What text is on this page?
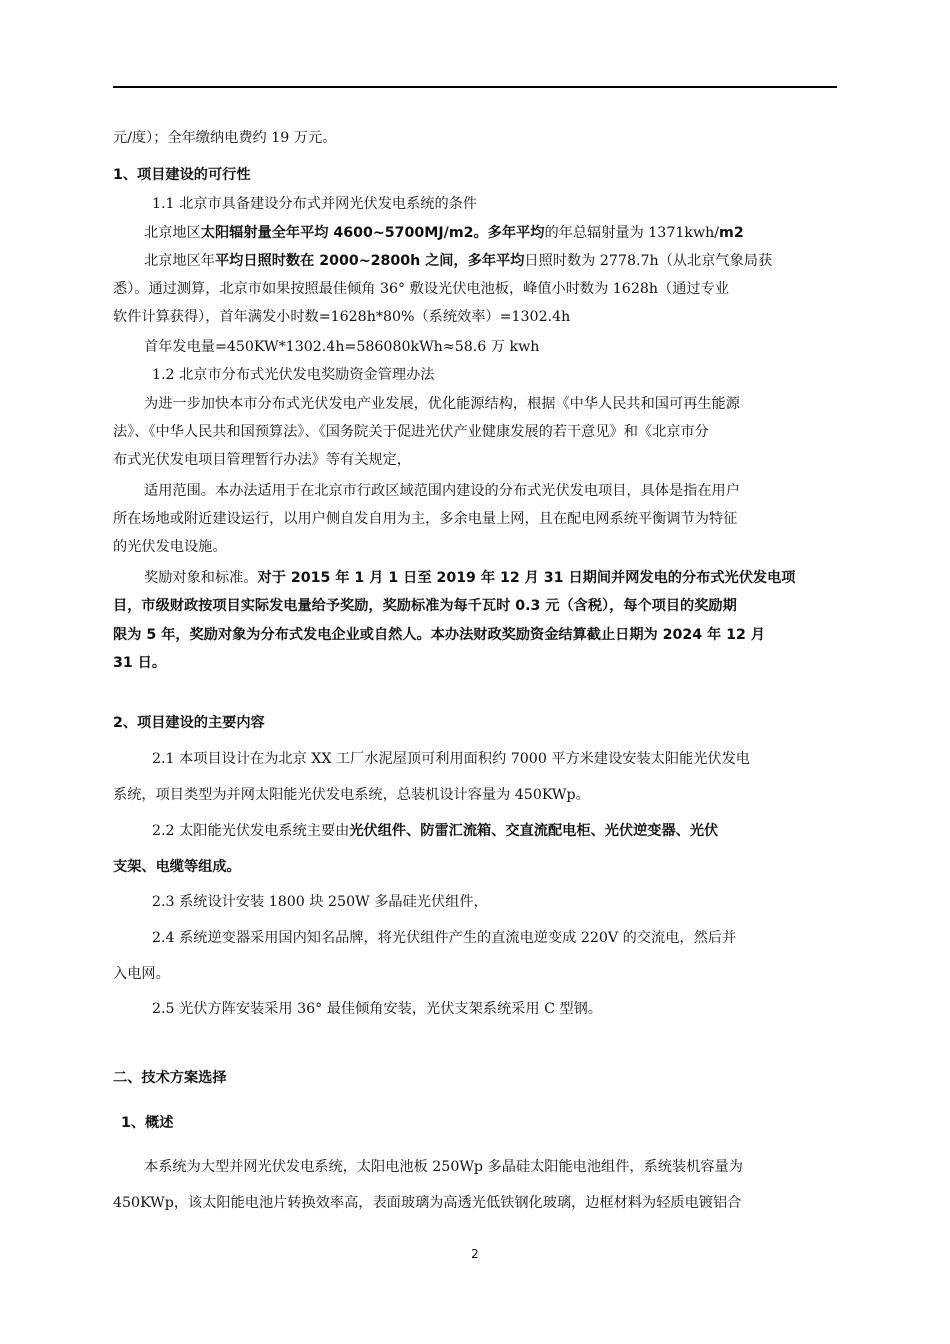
元/度）；全年缴纳电费约 19 万元。
1、项目建设的可行性
1.1 北京市具备建设分布式并网光伏发电系统的条件
北京地区太阳辐射量全年平均 4600~5700MJ/m2。多年平均的年总辐射量为 1371kwh/m2
北京地区年平均日照时数在 2000~2800h 之间，多年平均日照时数为 2778.7h（从北京气象局获
悉）。通过测算，北京市如果按照最佳倾角 36° 敷设光伏电池板，峰值小时数为 1628h（通过专业
软件计算获得），首年满发小时数=1628h*80%（系统效率）=1302.4h
首年发电量=450KW*1302.4h=586080kWh≈58.6 万 kwh
1.2 北京市分布式光伏发电奖励资金管理办法
为进一步加快本市分布式光伏发电产业发展，优化能源结构，根据《中华人民共和国可再生能源
法》、《中华人民共和国预算法》、《国务院关于促进光伏产业健康发展的若干意见》和《北京市分
布式光伏发电项目管理暂行办法》等有关规定，
适用范围。本办法适用于在北京市行政区域范围内建设的分布式光伏发电项目，具体是指在用户
所在场地或附近建设运行，以用户侧自发自用为主，多余电量上网，且在配电网系统平衡调节为特征
的光伏发电设施。
奖励对象和标准。对于 2015 年 1 月 1 日至 2019 年 12 月 31 日期间并网发电的分布式光伏发电项
目，市级财政按项目实际发电量给予奖励，奖励标准为每千瓦时 0.3 元（含税），每个项目的奖励期
限为 5 年，奖励对象为分布式发电企业或自然人。本办法财政奖励资金结算截止日期为 2024 年 12 月
31 日。
2、项目建设的主要内容
2.1 本项目设计在为北京 XX 工厂水泥屋顶可利用面积约 7000 平方米建设安装太阳能光伏发电
系统，项目类型为并网太阳能光伏发电系统，总装机设计容量为 450KWp。
2.2 太阳能光伏发电系统主要由光伏组件、防雷汇流箱、交直流配电柜、光伏逆变器、光伏
支架、电缆等组成。
2.3 系统设计安装 1800 块 250W 多晶硅光伏组件，
2.4 系统逆变器采用国内知名品牌，将光伏组件产生的直流电逆变成 220V 的交流电，然后并
入电网。
2.5 光伏方阵安装采用 36° 最佳倾角安装，光伏支架系统采用 C 型钢。
二、技术方案选择
1、概述
本系统为大型并网光伏发电系统，太阳电池板 250Wp 多晶硅太阳能电池组件，系统装机容量为
450KWp，该太阳能电池片转换效率高，表面玻璃为高透光低铁钢化玻璃，边框材料为轻质电镀铝合
2
